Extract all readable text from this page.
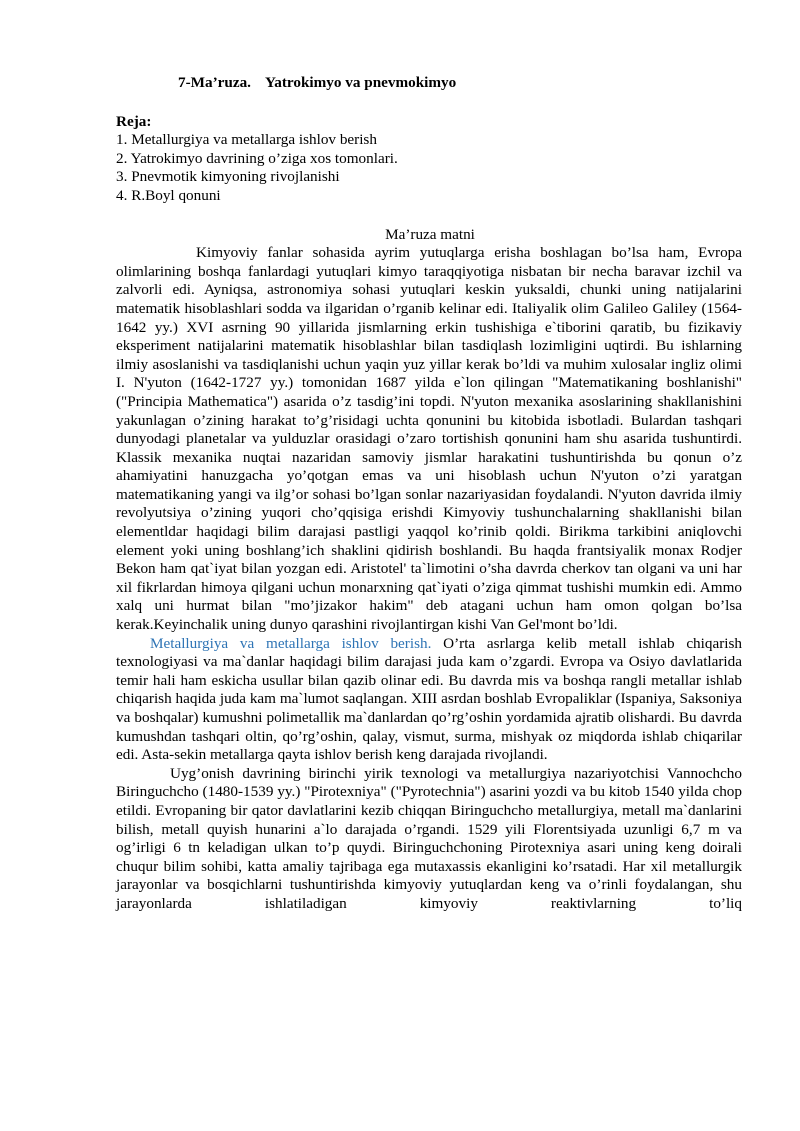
7-Ma’ruza. Yatrokimyo va pnevmokimyo
Reja:
1. Metallurgiya va metallarga ishlov berish
2. Yatrokimyo davrining o’ziga xos tomonlari.
3. Pnevmotik kimyoning rivojlanishi
4. R.Boyl qonuni
Ma’ruza matni

Kimyoviy fanlar sohasida ayrim yutuqlarga erisha boshlagan bo’lsa ham, Evropa olimlarining boshqa fanlardagi yutuqlari kimyo taraqqiyotiga nisbatan bir necha baravar izchil va zalvorli edi. Ayniqsa, astronomiya sohasi yutuqlari keskin yuksaldi, chunki uning natijalarini matematik hisoblashlari sodda va ilgaridan o’rganib kelinar edi. Italiyalik olim Galileo Galiley (1564-1642 yy.) XVI asrning 90 yillarida jismlarning erkin tushishiga e`tiborini qaratib, bu fizikaviy eksperiment natijalarini matematik hisoblashlar bilan tasdiqlash lozimligini uqtirdi. Bu ishlarning ilmiy asoslanishi va tasdiqlanishi uchun yaqin yuz yillar kerak bo’ldi va muhim xulosalar ingliz olimi I. N'yuton (1642-1727 yy.) tomonidan 1687 yilda e`lon qilingan "Matematikaning boshlanishi" ("Principia Mathematica") asarida o’z tasdig’ini topdi. N'yuton mexanika asoslarining shakllanishini yakunlagan o’zining harakat to’g’risidagi uchta qonunini bu kitobida isbotladi. Bulardan tashqari dunyodagi planetalar va yulduzlar orasidagi o’zaro tortishish qonunini ham shu asarida tushuntirdi. Klassik mexanika nuqtai nazaridan samoviy jismlar harakatini tushuntirishda bu qonun o’z ahamiyatini hanuzgacha yo’qotgan emas va uni hisoblash uchun N'yuton o’zi yaratgan matematikaning yangi va ilg’or sohasi bo’lgan sonlar nazariyasidan foydalandi. N'yuton davrida ilmiy revolyutsiya o’zining yuqori cho’qqisiga erishdi Kimyoviy tushunchalarning shakllanishi bilan elementldar haqidagi bilim darajasi pastligi yaqqol ko’rinib qoldi. Birikma tarkibini aniqlovchi element yoki uning boshlang’ich shaklini qidirish boshlandi. Bu haqda frantsiyalik monax Rodjer Bekon ham qat`iyat bilan yozgan edi. Aristotel' ta`limotini o’sha davrda cherkov tan olgani va uni har xil fikrlardan himoya qilgani uchun monarxning qat`iyati o’ziga qimmat tushishi mumkin edi. Ammo xalq uni hurmat bilan "mo’jizakor hakim" deb atagani uchun ham omon qolgan bo’lsa kerak.Keyinchalik uning dunyo qarashini rivojlantirgan kishi Van Gel'mont bo’ldi.

Metallurgiya va metallarga ishlov berish. O’rta asrlarga kelib metall ishlab chiqarish texnologiyasi va ma`danlar haqidagi bilim darajasi juda kam o’zgardi. Evropa va Osiyo davlatlarida temir hali ham eskicha usullar bilan qazib olinar edi. Bu davrda mis va boshqa rangli metallar ishlab chiqarish haqida juda kam ma`lumot saqlangan. XIII asrdan boshlab Evropaliklar (Ispaniya, Saksoniya va boshqalar) kumushni polimetallik ma`danlardan qo’rg’oshin yordamida ajratib olishardi. Bu davrda kumushdan tashqari oltin, qo’rg’oshin, qalay, vismut, surma, mishyak oz miqdorda ishlab chiqarilar edi. Asta-sekin metallarga qayta ishlov berish keng darajada rivojlandi.

Uyg’onish davrining birinchi yirik texnologi va metallurgiya nazariyotchisi Vannochcho Biringuchcho (1480-1539 yy.) "Pirotexniya" ("Pyrotechnia") asarini yozdi va bu kitob 1540 yilda chop etildi. Evropaning bir qator davlatlarini kezib chiqqan Biringuchcho metallurgiya, metall ma`danlarini bilish, metall quyish hunarini a`lo darajada o’rgandi. 1529 yili Florentsiyada uzunligi 6,7 m va og’irligi 6 tn keladigan ulkan to’p quydi. Biringuchchoning Pirotexniya asari uning keng doirali chuqur bilim sohibi, katta amaliy tajribaga ega mutaxassis ekanligini ko’rsatadi. Har xil metallurgik jarayonlar va bosqichlarni tushuntirishda kimyoviy yutuqlardan keng va o’rinli foydalangan, shu jarayonlarda ishlatiladigan kimyoviy reaktivlarning to’liq
